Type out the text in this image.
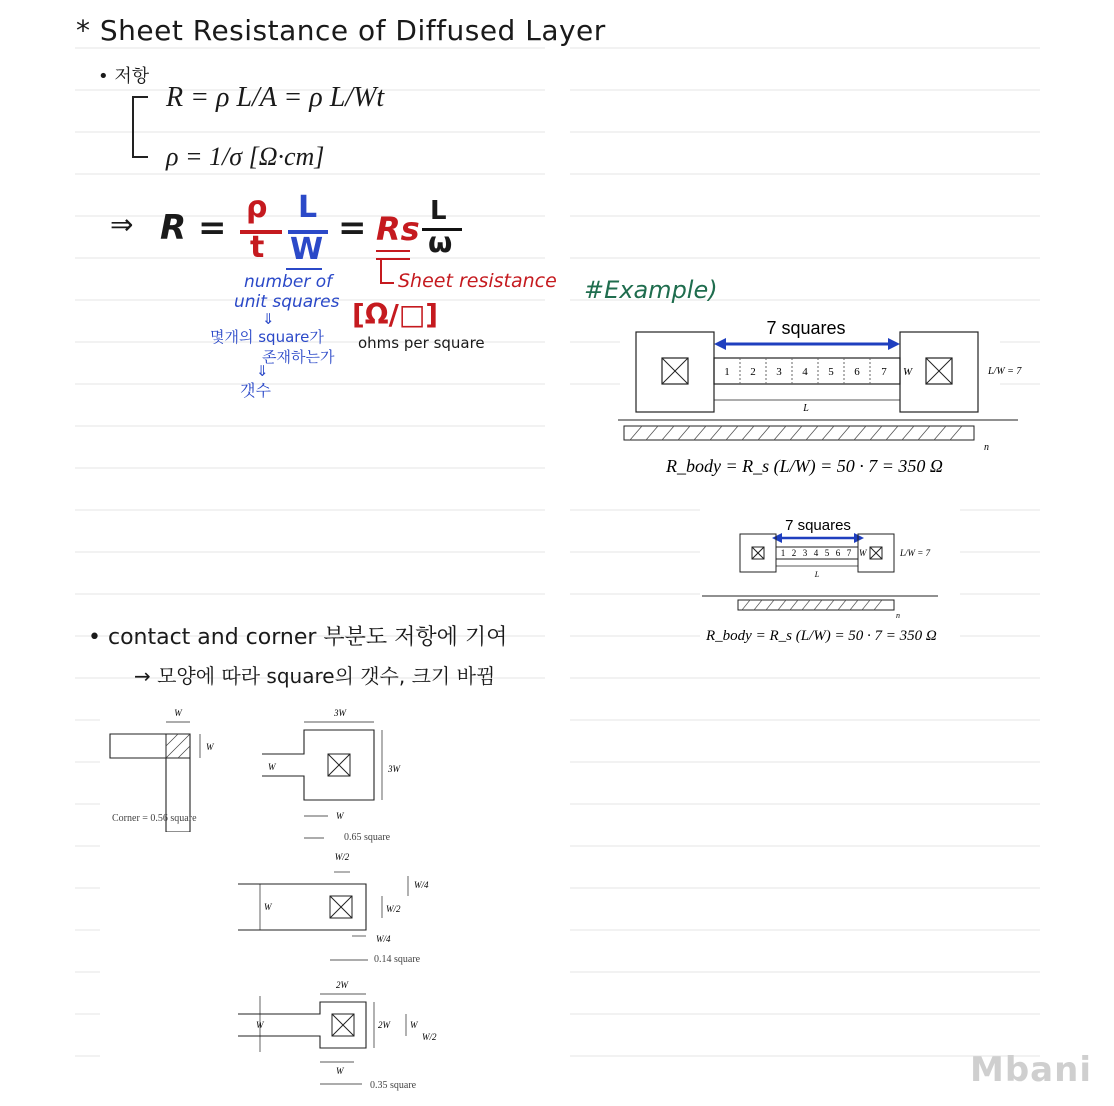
* Sheet Resistance of Diffused Layer
• 저항
R = ρ L/A = ρ L/Wt
ρ = 1/σ [Ω·cm]
⇒ R =
ρ
t
L
W
= Rs L
ω
number of
unit squares
⇓
몇개의 square가
존재하는가
⇓
갯수
Sheet resistance
[Ω/□]
ohms per square
#Example)
7 squares
1 2 3 4 5 6 7 W
L
L/W = 7
n
R_body = R_s (L/W) = 50 · 7 = 350 Ω
7 squares
1 2 3 4 5 6 7 W
L
L/W = 7
n
R_body = R_s (L/W) = 50 · 7 = 350 Ω
• contact and corner 부분도 저항에 기여
→ 모양에 따라 square의 갯수, 크기 바뀜
W
W
Corner = 0.56 square
3W
3W
W
W
0.65 square
W/2
W
W/4
W/2
W/4
0.14 square
2W
W	2W W
W/2
W
0.35 square	Mbani
